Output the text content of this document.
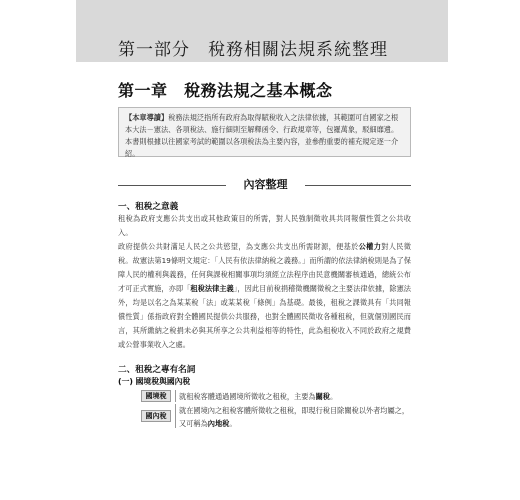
第一部分　稅務相關法規系統整理
第一章　稅務法規之基本概念
【本章導讀】稅務法規泛指所有政府為取得賦稅收入之法律依據，其範圍可自國家之根本大法－憲法、各項稅法、施行細則至解釋函令、行政規章等，包羅萬象，駁細靡遺。本書則根據以往國家考試的範圍以各項稅法為主要內容，並參酌重要的補充規定逐一介紹。
內容整理
一、租稅之意義
租稅為政府支應公共支出或其他政策目的所需，對人民強制徵收具共同報償性質之公共收入。
政府提供公共財滿足人民之公共慾望，為支應公共支出所需財源，便基於公權力對人民徵稅。故憲法第19條明文規定：「人民有依法律納稅之義務。」而所謂的依法律納稅則是為了保障人民的權利與義務，任何與課稅相關事項均須經立法程序由民意機關審核通過，總統公布才可正式實施，亦即「租稅法律主義」，因此目前稅捐稽徵機關徵稅之主要法律依據，除憲法外，均是以名之為某某稅「法」或某某稅「條例」為基礎。最後，租稅之課徵具有「共同報償性質」係指政府對全體國民提供公共服務，也對全體國民徵收各種租稅，但就個別國民而言，其所繳納之稅捐未必與其所享之公共利益相等的特性，此為租稅收入不同於政府之規費或公營事業收入之處。
二、租稅之專有名詞
(一) 國境稅與國內稅
國境稅	就租稅客體通過國境所徵收之租稅，主要為關稅。
國內稅
就在國境內之租稅客體所徵收之租稅，即現行稅目除關稅以外者均屬之，又可稱為內地稅。
